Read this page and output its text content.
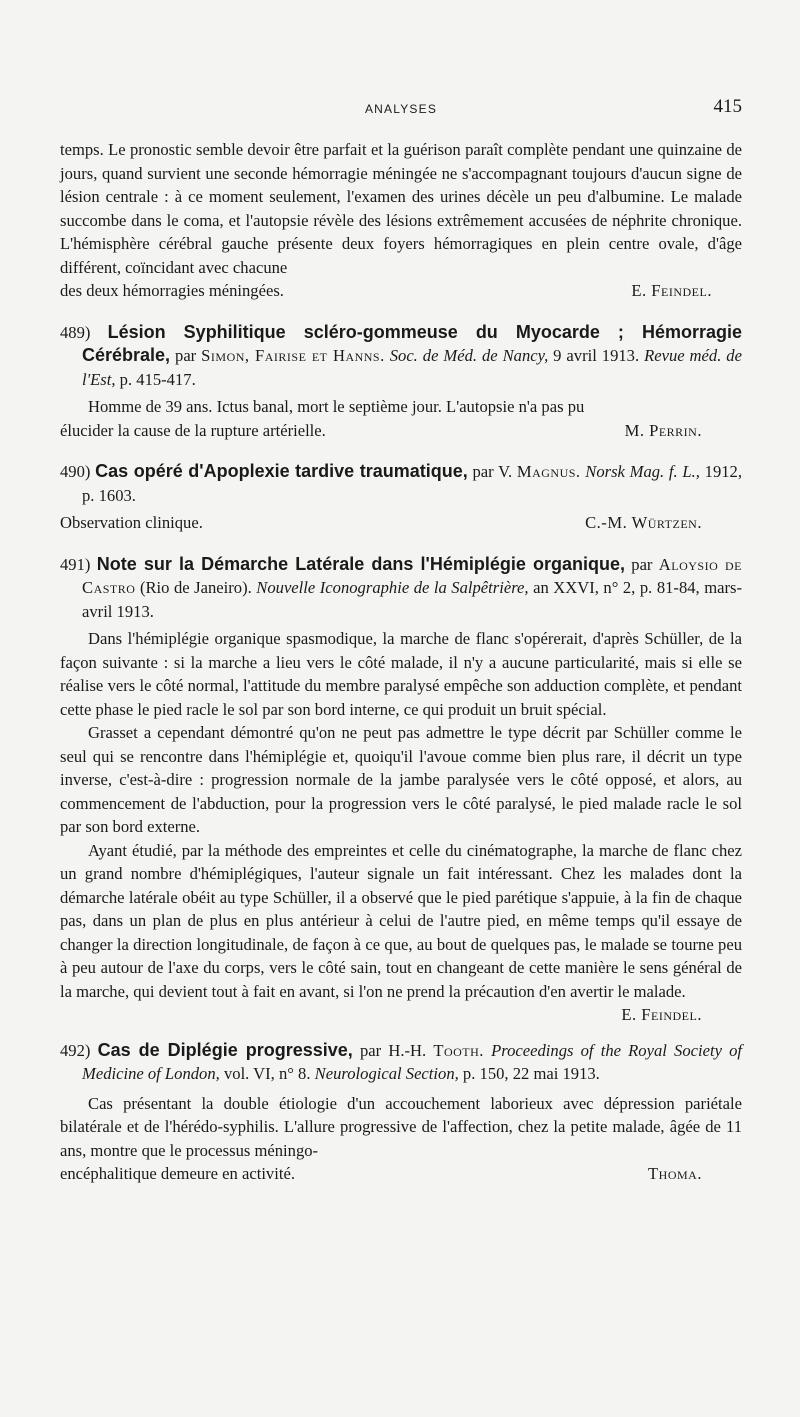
ANALYSES	415

temps. Le pronostic semble devoir être parfait et la guérison paraît complète pendant une quinzaine de jours, quand survient une seconde hémorragie méningée ne s'accompagnant toujours d'aucun signe de lésion centrale : à ce moment seulement, l'examen des urines décèle un peu d'albumine. Le malade succombe dans le coma, et l'autopsie révèle des lésions extrêmement accusées de néphrite chronique. L'hémisphère cérébral gauche présente deux foyers hémorragiques en plein centre ovale, d'âge différent, coïncidant avec chacune

des deux hémorragies méningées.	E. Feindel.

489) Lésion Syphilitique scléro-gommeuse du Myocarde ; Hémorragie Cérébrale, par Simon, Fairise et Hanns. Soc. de Méd. de Nancy, 9 avril 1913. Revue méd. de l'Est, p. 415-417.

Homme de 39 ans. Ictus banal, mort le septième jour. L'autopsie n'a pas pu

élucider la cause de la rupture artérielle.	M. Perrin.

490) Cas opéré d'Apoplexie tardive traumatique, par V. Magnus. Norsk Mag. f. L., 1912, p. 1603.

Observation clinique.	C.-M. Würtzen.

491) Note sur la Démarche Latérale dans l'Hémiplégie organique, par Aloysio de Castro (Rio de Janeiro). Nouvelle Iconographie de la Salpêtrière, an XXVI, n° 2, p. 81-84, mars-avril 1913.

Dans l'hémiplégie organique spasmodique, la marche de flanc s'opérerait, d'après Schüller, de la façon suivante : si la marche a lieu vers le côté malade, il n'y a aucune particularité, mais si elle se réalise vers le côté normal, l'attitude du membre paralysé empêche son adduction complète, et pendant cette phase le pied racle le sol par son bord interne, ce qui produit un bruit spécial.

Grasset a cependant démontré qu'on ne peut pas admettre le type décrit par Schüller comme le seul qui se rencontre dans l'hémiplégie et, quoiqu'il l'avoue comme bien plus rare, il décrit un type inverse, c'est-à-dire : progression normale de la jambe paralysée vers le côté opposé, et alors, au commencement de l'abduction, pour la progression vers le côté paralysé, le pied malade racle le sol par son bord externe.

Ayant étudié, par la méthode des empreintes et celle du cinématographe, la marche de flanc chez un grand nombre d'hémiplégiques, l'auteur signale un fait intéressant. Chez les malades dont la démarche latérale obéit au type Schüller, il a observé que le pied parétique s'appuie, à la fin de chaque pas, dans un plan de plus en plus antérieur à celui de l'autre pied, en même temps qu'il essaye de changer la direction longitudinale, de façon à ce que, au bout de quelques pas, le malade se tourne peu à peu autour de l'axe du corps, vers le côté sain, tout en changeant de cette manière le sens général de la marche, qui devient tout à fait en avant, si l'on ne prend la précaution d'en avertir le malade.

E. Feindel.

492) Cas de Diplégie progressive, par H.-H. Tooth. Proceedings of the Royal Society of Medicine of London, vol. VI, n° 8. Neurological Section, p. 150, 22 mai 1913.

Cas présentant la double étiologie d'un accouchement laborieux avec dépression pariétale bilatérale et de l'hérédo-syphilis. L'allure progressive de l'affection, chez la petite malade, âgée de 11 ans, montre que le processus méningo-

encéphalitique demeure en activité.	Thoma.
